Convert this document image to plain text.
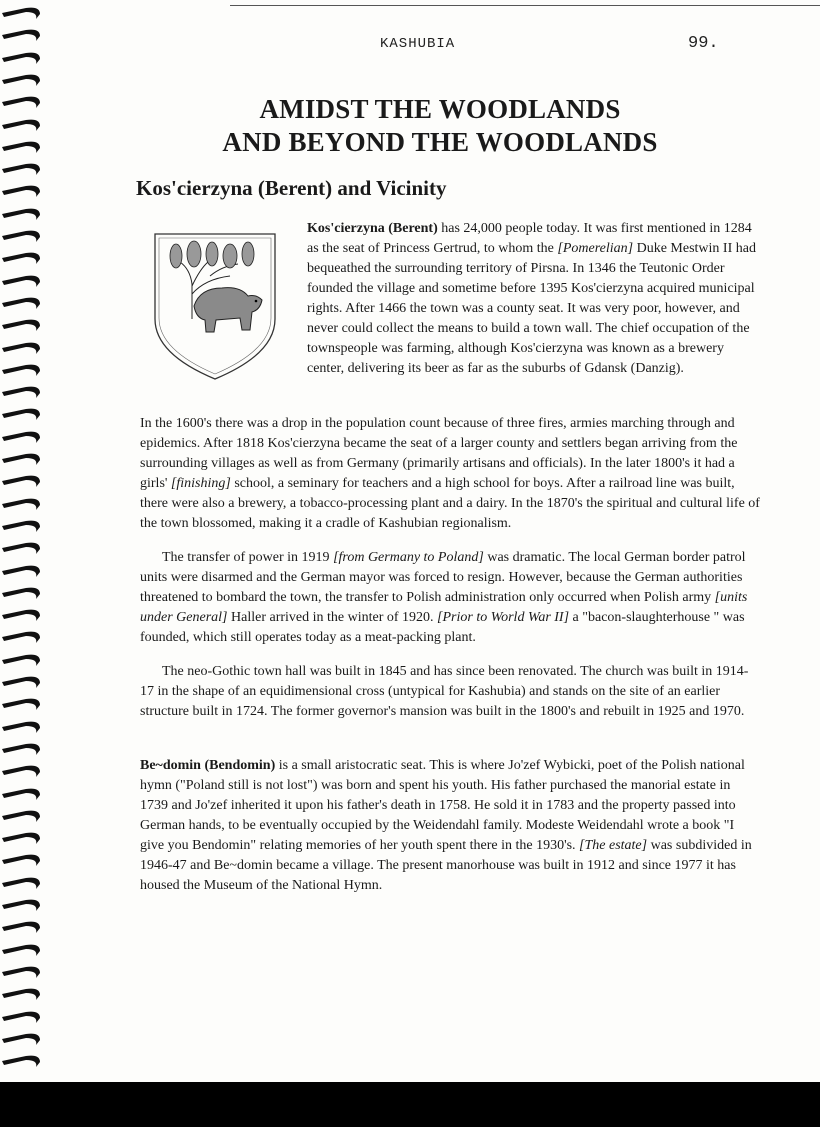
KASHUBIA	99.
AMIDST THE WOODLANDS
AND BEYOND THE WOODLANDS
Kos'cierzyna (Berent) and Vicinity

Kos'cierzyna (Berent) has 24,000 people today. It was first mentioned in 1284 as the seat of Princess Gertrud, to whom the [Pomerelian] Duke Mestwin II had bequeathed the surrounding territory of Pirsna. In 1346 the Teutonic Order founded the village and sometime before 1395 Kos'cierzyna acquired municipal rights. After 1466 the town was a county seat. It was very poor, however, and never could collect the means to build a town wall. The chief occupation of the townspeople was farming, although Kos'cierzyna was known as a brewery center, delivering its beer as far as the suburbs of Gdansk (Danzig).

In the 1600's there was a drop in the population count because of three fires, armies marching through and epidemics. After 1818 Kos'cierzyna became the seat of a larger county and settlers began arriving from the surrounding villages as well as from Germany (primarily artisans and officials). In the later 1800's it had a girls' [finishing] school, a seminary for teachers and a high school for boys. After a railroad line was built, there were also a brewery, a tobacco-processing plant and a dairy. In the 1870's the spiritual and cultural life of the town blossomed, making it a cradle of Kashubian regionalism.

The transfer of power in 1919 [from Germany to Poland] was dramatic. The local German border patrol units were disarmed and the German mayor was forced to resign. However, because the German authorities threatened to bombard the town, the transfer to Polish administration only occurred when Polish army [units under General] Haller arrived in the winter of 1920. [Prior to World War II] a "bacon-slaughterhouse " was founded, which still operates today as a meat-packing plant.

The neo-Gothic town hall was built in 1845 and has since been renovated. The church was built in 1914-17 in the shape of an equidimensional cross (untypical for Kashubia) and stands on the site of an earlier structure built in 1724. The former governor's mansion was built in the 1800's and rebuilt in 1925 and 1970.

Be~domin (Bendomin) is a small aristocratic seat. This is where Jo'zef Wybicki, poet of the Polish national hymn ("Poland still is not lost") was born and spent his youth. His father purchased the manorial estate in 1739 and Jo'zef inherited it upon his father's death in 1758. He sold it in 1783 and the property passed into German hands, to be eventually occupied by the Weidendahl family. Modeste Weidendahl wrote a book "I give you Bendomin" relating memories of her youth spent there in the 1930's. [The estate] was subdivided in 1946-47 and Be~domin became a village. The present manorhouse was built in 1912 and since 1977 it has housed the Museum of the National Hymn.
